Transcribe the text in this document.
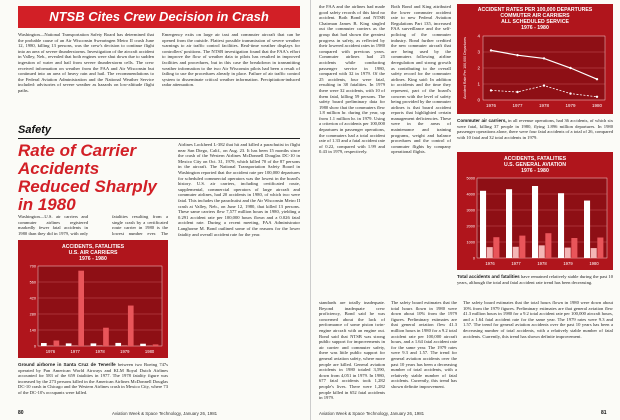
NTSB Cites Crew Decision in Crash
Washington—National Transportation Safety Board has determined that the probable cause of an Air Wisconsin Swearingen Metro II crash June 12, 1980, killing 13 persons, was the crew's decision to continue flight into an area of severe thunderstorms. Investigation of the aircraft accident in Valley, Neb., revealed that both engines were shut down due to sudden ingestion of water and hail from severe thunderstorm cells. The crew received information on weather from the FAA and Air Wisconsin but continued into an area of heavy rain and hail. The recommendations to the Federal Aviation Administration and the National Weather Service included: advisories of severe weather as hazards on low-altitude flight paths.
Emergency exits on large air taxi and commuter aircraft that can be opened from the outside. Flattest possible transmission of severe weather warnings to air traffic control facilities. Real-time weather displays for controllers' positions. The NTSB investigation found that the FAA's effort to improve the flow of weather data to pilots has resulted in improved facilities and procedures, but in this case the breakdown in transmitting weather information to the two Air Wisconsin pilots had been a result of failing to use the procedures already in place. Failure of air traffic control system to disseminate critical weather information. Precipitation-induced radar attenuation.
Safety
Rate of Carrier Accidents Reduced Sharply in 1980
Washington—U.S. air carriers and commuter airlines registered markedly fewer fatal accidents in 1980 than they did in 1979, with only
fatalities resulting from a single crash by a certificated route carrier in 1980 is the lowest number ever. The
Airlines Lockheed L-382 that hit and killed a parachutist in flight near San Diego, Calif., on Aug. 23. It has been 15 months since the crash of the Western Airlines McDonnell Douglas DC-10 in Mexico City on Oct. 31, 1979, which killed 70 of the 87 persons in the aircraft. The National Transportation Safety Board in Washington reported that the accident rate per 100,000 departures for scheduled commercial operators was the lowest in the board's history. U.S. air carriers, including certificated route, supplemental, commercial operators of large aircraft and commuter airlines, had 20 accidents in 1980, of which two were fatal. This includes the parachutist and the Air Wisconsin Metro II crash at Valley, Neb., on June 12, 1980, that killed 13 persons. These same carriers flew 7,577 million hours in 1980, yielding a 0.291 accident rate per 100,000 hours flown and a 0.026 fatal accident rate. During a recent meeting, FAA Administrator Langhorne M. Bond outlined some of the reasons for the lower fatality and overall accident rate for the year.
ACCIDENTS, FATALITIES
U.S. AIR CARRIERS
1976 - 1980
0
140
280
420
560
700
1976	1977	1978	1979	1980
Ground airborne in Santa Cruz de Tenerife between two Boeing 747s operated by Pan American World Airways and KLM Royal Dutch Airlines accounted for 583 of the 659 fatalities in 1977. The 1978 fatality figure was increased by the 273 persons killed in the American Airlines McDonnell Douglas DC-10 crash in Chicago and the Western Airlines crash in Mexico City, where 73 of the DC-10's occupants were killed.
80	Aviation Week & Space Technology, January 26, 1981
the FAA and the airlines had made good safety records of this kind no accident. Both Bond and NTSB Chairman James B. King singled out the commuter carriers as the group that had shown the greatest progress in safety, as reflected by their lowered accident rates in 1980 compared with previous years. Commuter airlines had 25 accidents while conducting passenger service in 1980, compared with 32 in 1979. Of the 25 accidents, four were fatal, resulting in 38 fatalities. In 1979 there were 32 accidents, with 10 of them fatal, killing 59 persons. The safety board preliminary data for 1980 show that the commuters flew 1.8 million hr. during the year, up from 1.1 million hr. in 1979. Using a criterion of accidents per 100,000 departures in passenger operations, the commuters had a total accident rate of 1.33 and a fatal accident rate of 0.22, compared with 1.99 and 0.43 in 1979, respectively.
Both Bond and King attributed the lower commuter accident rate to new Federal Aviation Regulations Part 135, increased FAA surveillance and the self-policing of the commuter industry. Bond further credited the new commuter aircraft that are being used by the commuters following airline deregulation and strong growth as contributing to the overall safety record for the commuter airlines. King said: In addition to accidents and the time they represent, part of the board's concern with the level of safety being provided by the commuter airlines is that board accident reports that highlighted certain management deficiencies. These were in the areas of maintenance and training programs, weight and balance procedures and the control of commuter flights by company operational flights.
ACCIDENT RATES PER 100,000 DEPARTURES
COMMUTER AIR CARRIERS
ALL SCHEDULED SERVICE
1976 - 1980
0
1
2
3
4
1976	1977	1978	1979	1980
Accident Rate Per 100,000 Departures
Commuter air carriers, in all revenue operations, had 36 accidents, of which six were fatal, killing 37 people in 1980, flying 1.896 million departures. In 1980 passenger operations alone, there were four fatal accidents of a total of 26, compared with 10 fatal and 32 total accidents in 1979.
ACCIDENTS, FATALITIES
U.S. GENERAL AVIATION
1976 - 1980
0
1000
2000
3000
4000
5000
1976	1977	1978	1979	1980
Total accidents and fatalities have remained relatively stable during the past 10 years, although the total and fatal accident rate trend has been decreasing.
standards are totally inadequate. Beyond inadequate crew proficiency, Bond said he was concerned about the lack of performance of some piston twin-engine aircraft with an engine out. Bond said that NTSB was strong public support for improvements in air carrier and commuter safety, there was little public support for general aviation safety, where more people are killed. General aviation accidents in 1980 totaled 3,590, down from 4,051 in 1979. In 1980, 677 fatal accidents took 1,282 people's lives. There were 1,282 people killed in 652 fatal accidents in 1979.
The safety board estimates that the total hours flown in 1980 were down about 10% from the 1979 figures. Preliminary estimates are that general aviation flew 41.3 million hours in 1980 for a 9.2 total accident rate per 100,000 aircraft hours, and a 1.64 fatal accident rate for the same year. The 1979 rates were 9.3 and 1.57. The trend for general aviation accidents over the past 10 years has been a decreasing number of total accidents, with a relatively stable number of fatal accidents. Currently, this trend has shown definite improvement.
The safety board estimates that the total hours flown in 1980 were down about 10% from the 1979 figures. Preliminary estimates are that general aviation flew 41.3 million hours in 1980 for a 9.2 total accident rate per 100,000 aircraft hours, and a 1.64 fatal accident rate for the same year. The 1979 rates were 9.3 and 1.57. The trend for general aviation accidents over the past 10 years has been a decreasing number of total accidents, with a relatively stable number of fatal accidents. Currently, this trend has shown definite improvement.
Aviation Week & Space Technology, January 26, 1981	81
